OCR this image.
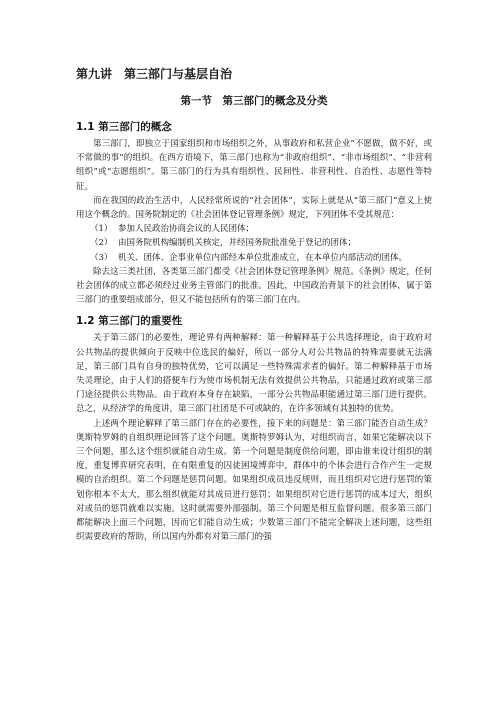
第九讲　第三部门与基层自治
第一节　第三部门的概念及分类
1.1 第三部门的概念

第三部门，即独立于国家组织和市场组织之外，从事政府和私营企业“不愿做，做不好，或不常做的事”的组织。在西方语境下，第三部门也称为“非政府组织”、“非市场组织”、“非营利组织”或“志愿组织”。第三部门的行为具有组织性、民间性、非营利性、自治性、志愿性等特征。

而在我国的政治生活中，人民经常所说的“社会团体”，实际上就是从“第三部门”意义上使用这个概念的。国务院制定的《社会团体登记管理条例》规定，下列团体不受其规范：

（1） 参加人民政治协商会议的人民团体；
（2） 由国务院机构编制机关核定，并经国务院批准免于登记的团体；
（3） 机关、团体、企事业单位内部经本单位批准成立，在本单位内部活动的团体。

除去这三类社团，各类第三部门都受《社会团体登记管理条例》规范。《条例》规定，任何社会团体的成立都必须经过业务主管部门的批准。因此，中国政治背景下的社会团体，属于第三部门的重要组成部分，但又不能包括所有的第三部门在内。

1.2 第三部门的重要性

关于第三部门的必要性，理论界有两种解释：第一种解释基于公共选择理论，由于政府对公共物品的提供倾向于反映中位选民的偏好，所以一部分人对公共物品的特殊需要就无法满足，第三部门具有自身的独特优势，它可以满足一些特殊需求者的偏好。第二种解释基于市场失灵理论，由于人们的搭便车行为使市场机制无法有效提供公共物品，只能通过政府或第三部门途径提供公共物品。由于政府本身存在缺陷，一部分公共物品职能通过第三部门进行提供。总之，从经济学的角度讲，第三部门社团是不可或缺的，在许多领域有其独特的优势。

上述两个理论解释了第三部门存在的必要性，接下来的问题是：第三部门能否自动生成？奥斯特罗姆的自组织理论回答了这个问题。奥斯特罗姆认为，对组织而言，如果它能解决以下三个问题，那么这个组织就能自动生成。第一个问题是制度供给问题，即由谁来设计组织的制度，重复博弈研究表明，在有限重复的囚徒困境博弈中，群体中的个体会进行合作产生一定规模的自治组织。第二个问题是惩罚问题。如果组织成员违反规则，而且组织对它进行惩罚的策划你根本不太大，那么组织就能对其成员进行惩罚；如果组织对它进行惩罚的成本过大，组织对成员的惩罚就难以实施。这时就需要外部强制。第三个问题是相互监督问题。很多第三部门都能解决上面三个问题，因而它们能自动生成；少数第三部门不能完全解决上述问题，这些组织需要政府的帮助，所以国内外都有对第三部门的强
